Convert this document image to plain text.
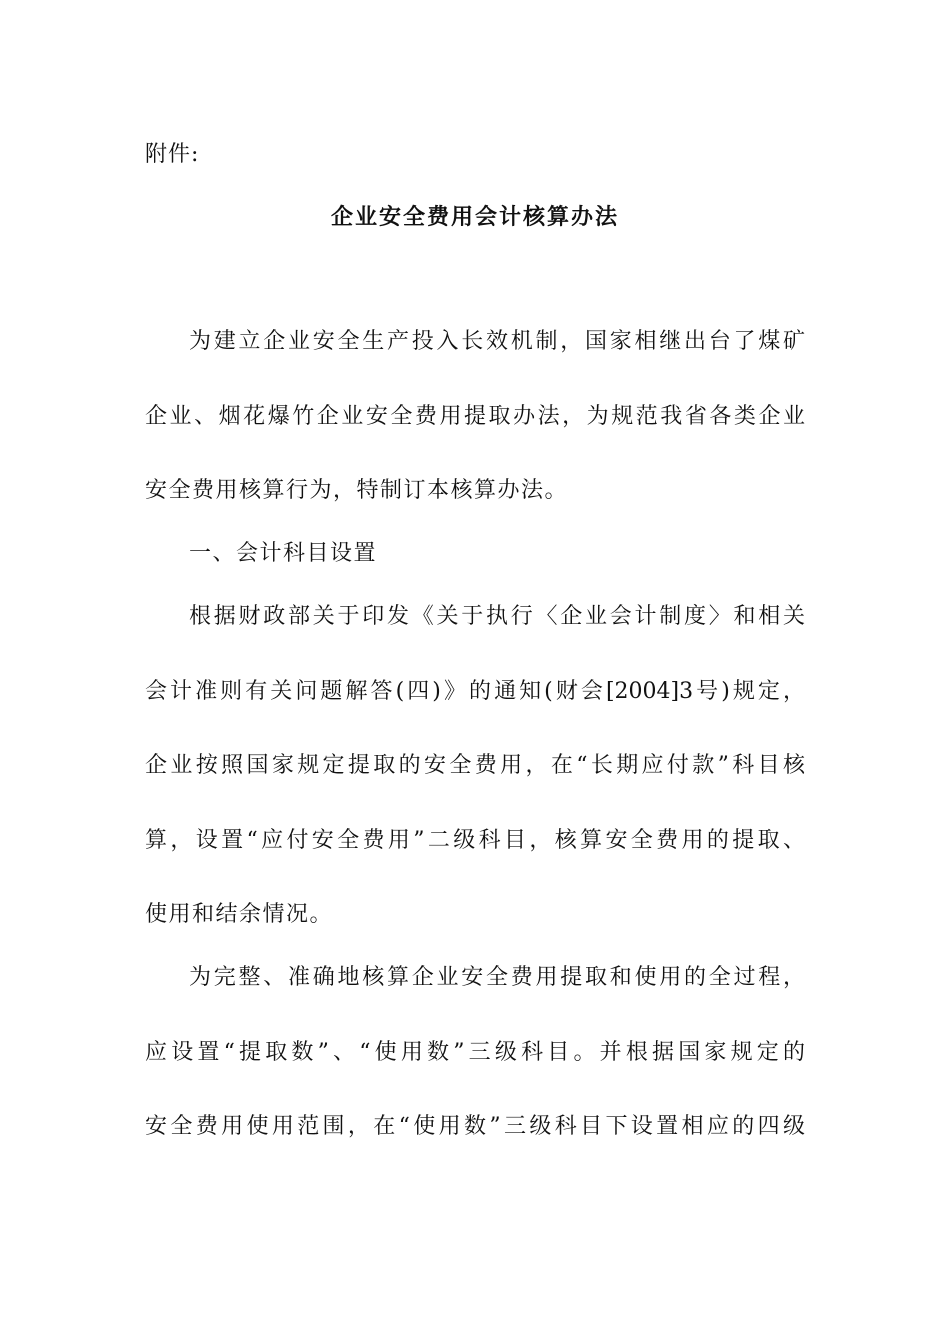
附件:
企业安全费用会计核算办法
为建立企业安全生产投入长效机制，国家相继出台了煤矿
企业、烟花爆竹企业安全费用提取办法，为规范我省各类企业
安全费用核算行为，特制订本核算办法。
一、会计科目设置
根据财政部关于印发《关于执行〈企业会计制度〉和相关
会计准则有关问题解答(四)》的通知(财会[2004]3号)规定，
企业按照国家规定提取的安全费用，在“长期应付款”科目核
算，设置“应付安全费用”二级科目，核算安全费用的提取、
使用和结余情况。
为完整、准确地核算企业安全费用提取和使用的全过程，
应设置“提取数”、“使用数”三级科目。并根据国家规定的
安全费用使用范围，在“使用数”三级科目下设置相应的四级
